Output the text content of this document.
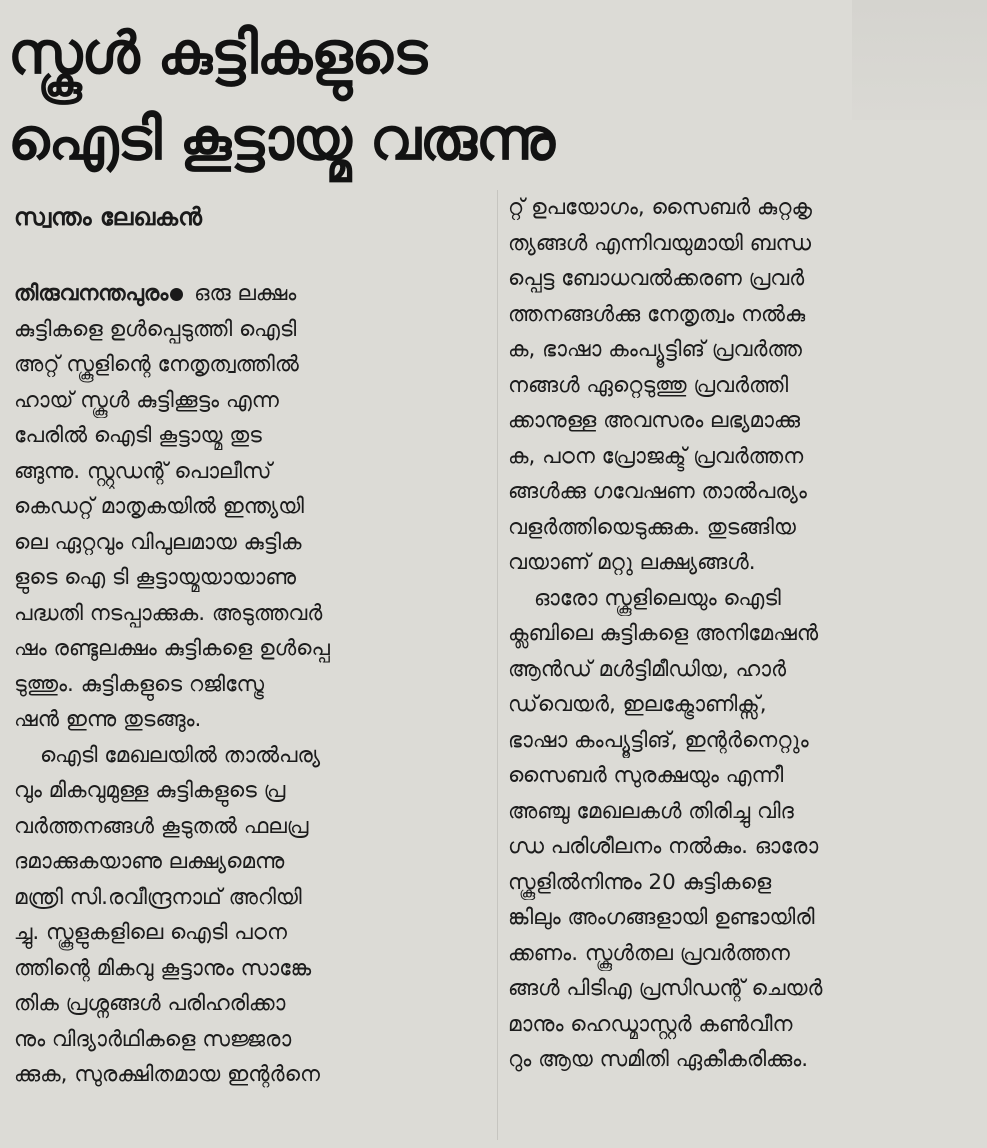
സ്കൂൾ കുട്ടികളുടെ
ഐടി കൂട്ടായ്മ വരുന്നു
സ്വന്തം ലേഖകൻ
തിരുവനന്തപുരം ഒരു ലക്ഷം
കുട്ടികളെ ഉൾപ്പെടുത്തി ഐടി
അറ്റ് സ്കൂളിന്റെ നേതൃത്വത്തിൽ
ഹായ് സ്കൂൾ കുട്ടിക്കൂട്ടം എന്ന
പേരിൽ ഐടി കൂട്ടായ്മ തുട
ങ്ങുന്നു. സ്റ്റുഡന്റ് പൊലീസ്
കെഡറ്റ് മാതൃകയിൽ ഇന്ത്യയി
ലെ ഏറ്റവും വിപുലമായ കുട്ടിക
ളുടെ ഐ ടി കൂട്ടായ്മയായാണു
പദ്ധതി നടപ്പാക്കുക. അടുത്തവർ
ഷം രണ്ടുലക്ഷം കുട്ടികളെ ഉൾപ്പെ
ടുത്തും. കുട്ടികളുടെ റജിസ്ട്രേ
ഷൻ ഇന്നു തുടങ്ങും.
ഐടി മേഖലയിൽ താൽപര്യ
വും മികവുമുള്ള കുട്ടികളുടെ പ്ര
വർത്തനങ്ങൾ കൂടുതൽ ഫലപ്ര
ദമാക്കുകയാണു ലക്ഷ്യമെന്നു
മന്ത്രി സി.രവീന്ദ്രനാഥ് അറിയി
ച്ചു. സ്കൂളുകളിലെ ഐടി പഠന
ത്തിന്റെ മികവു കൂട്ടാനും സാങ്കേ
തിക പ്രശ്നങ്ങൾ പരിഹരിക്കാ
നും വിദ്യാർഥികളെ സജ്ജരാ
ക്കുക, സുരക്ഷിതമായ ഇന്റർനെ
റ്റ് ഉപയോഗം, സൈബർ കുറ്റകൃ
ത്യങ്ങൾ എന്നിവയുമായി ബന്ധ
പ്പെട്ട ബോധവൽക്കരണ പ്രവർ
ത്തനങ്ങൾക്കു നേതൃത്വം നൽകു
ക, ഭാഷാ കംപ്യൂട്ടിങ് പ്രവർത്ത
നങ്ങൾ ഏറ്റെടുത്തു പ്രവർത്തി
ക്കാനുള്ള അവസരം ലഭ്യമാക്കു
ക, പഠന പ്രോജക്ട് പ്രവർത്തന
ങ്ങൾക്കു ഗവേഷണ താൽപര്യം
വളർത്തിയെടുക്കുക. തുടങ്ങിയ
വയാണ് മറ്റു ലക്ഷ്യങ്ങൾ.
ഓരോ സ്കൂളിലെയും ഐടി
ക്ലബിലെ കുട്ടികളെ അനിമേഷൻ
ആൻഡ് മൾട്ടിമീഡിയ, ഹാർ
ഡ്‌വെയർ, ഇലക്ട്രോണിക്സ്,
ഭാഷാ കംപ്യൂട്ടിങ്, ഇന്റർനെറ്റും
സൈബർ സുരക്ഷയും എന്നീ
അഞ്ചു മേഖലകൾ തിരിച്ചു വിദ
ഗ്ധ പരിശീലനം നൽകും. ഓരോ
സ്കൂളിൽനിന്നും 20 കുട്ടികളെ
ങ്കിലും അംഗങ്ങളായി ഉണ്ടായിരി
ക്കണം. സ്കൂൾതല പ്രവർത്തന
ങ്ങൾ പിടിഎ പ്രസിഡന്റ് ചെയർ
മാനും ഹെഡ്മാസ്റ്റർ കൺവീന
റും ആയ സമിതി ഏകീകരിക്കും.
